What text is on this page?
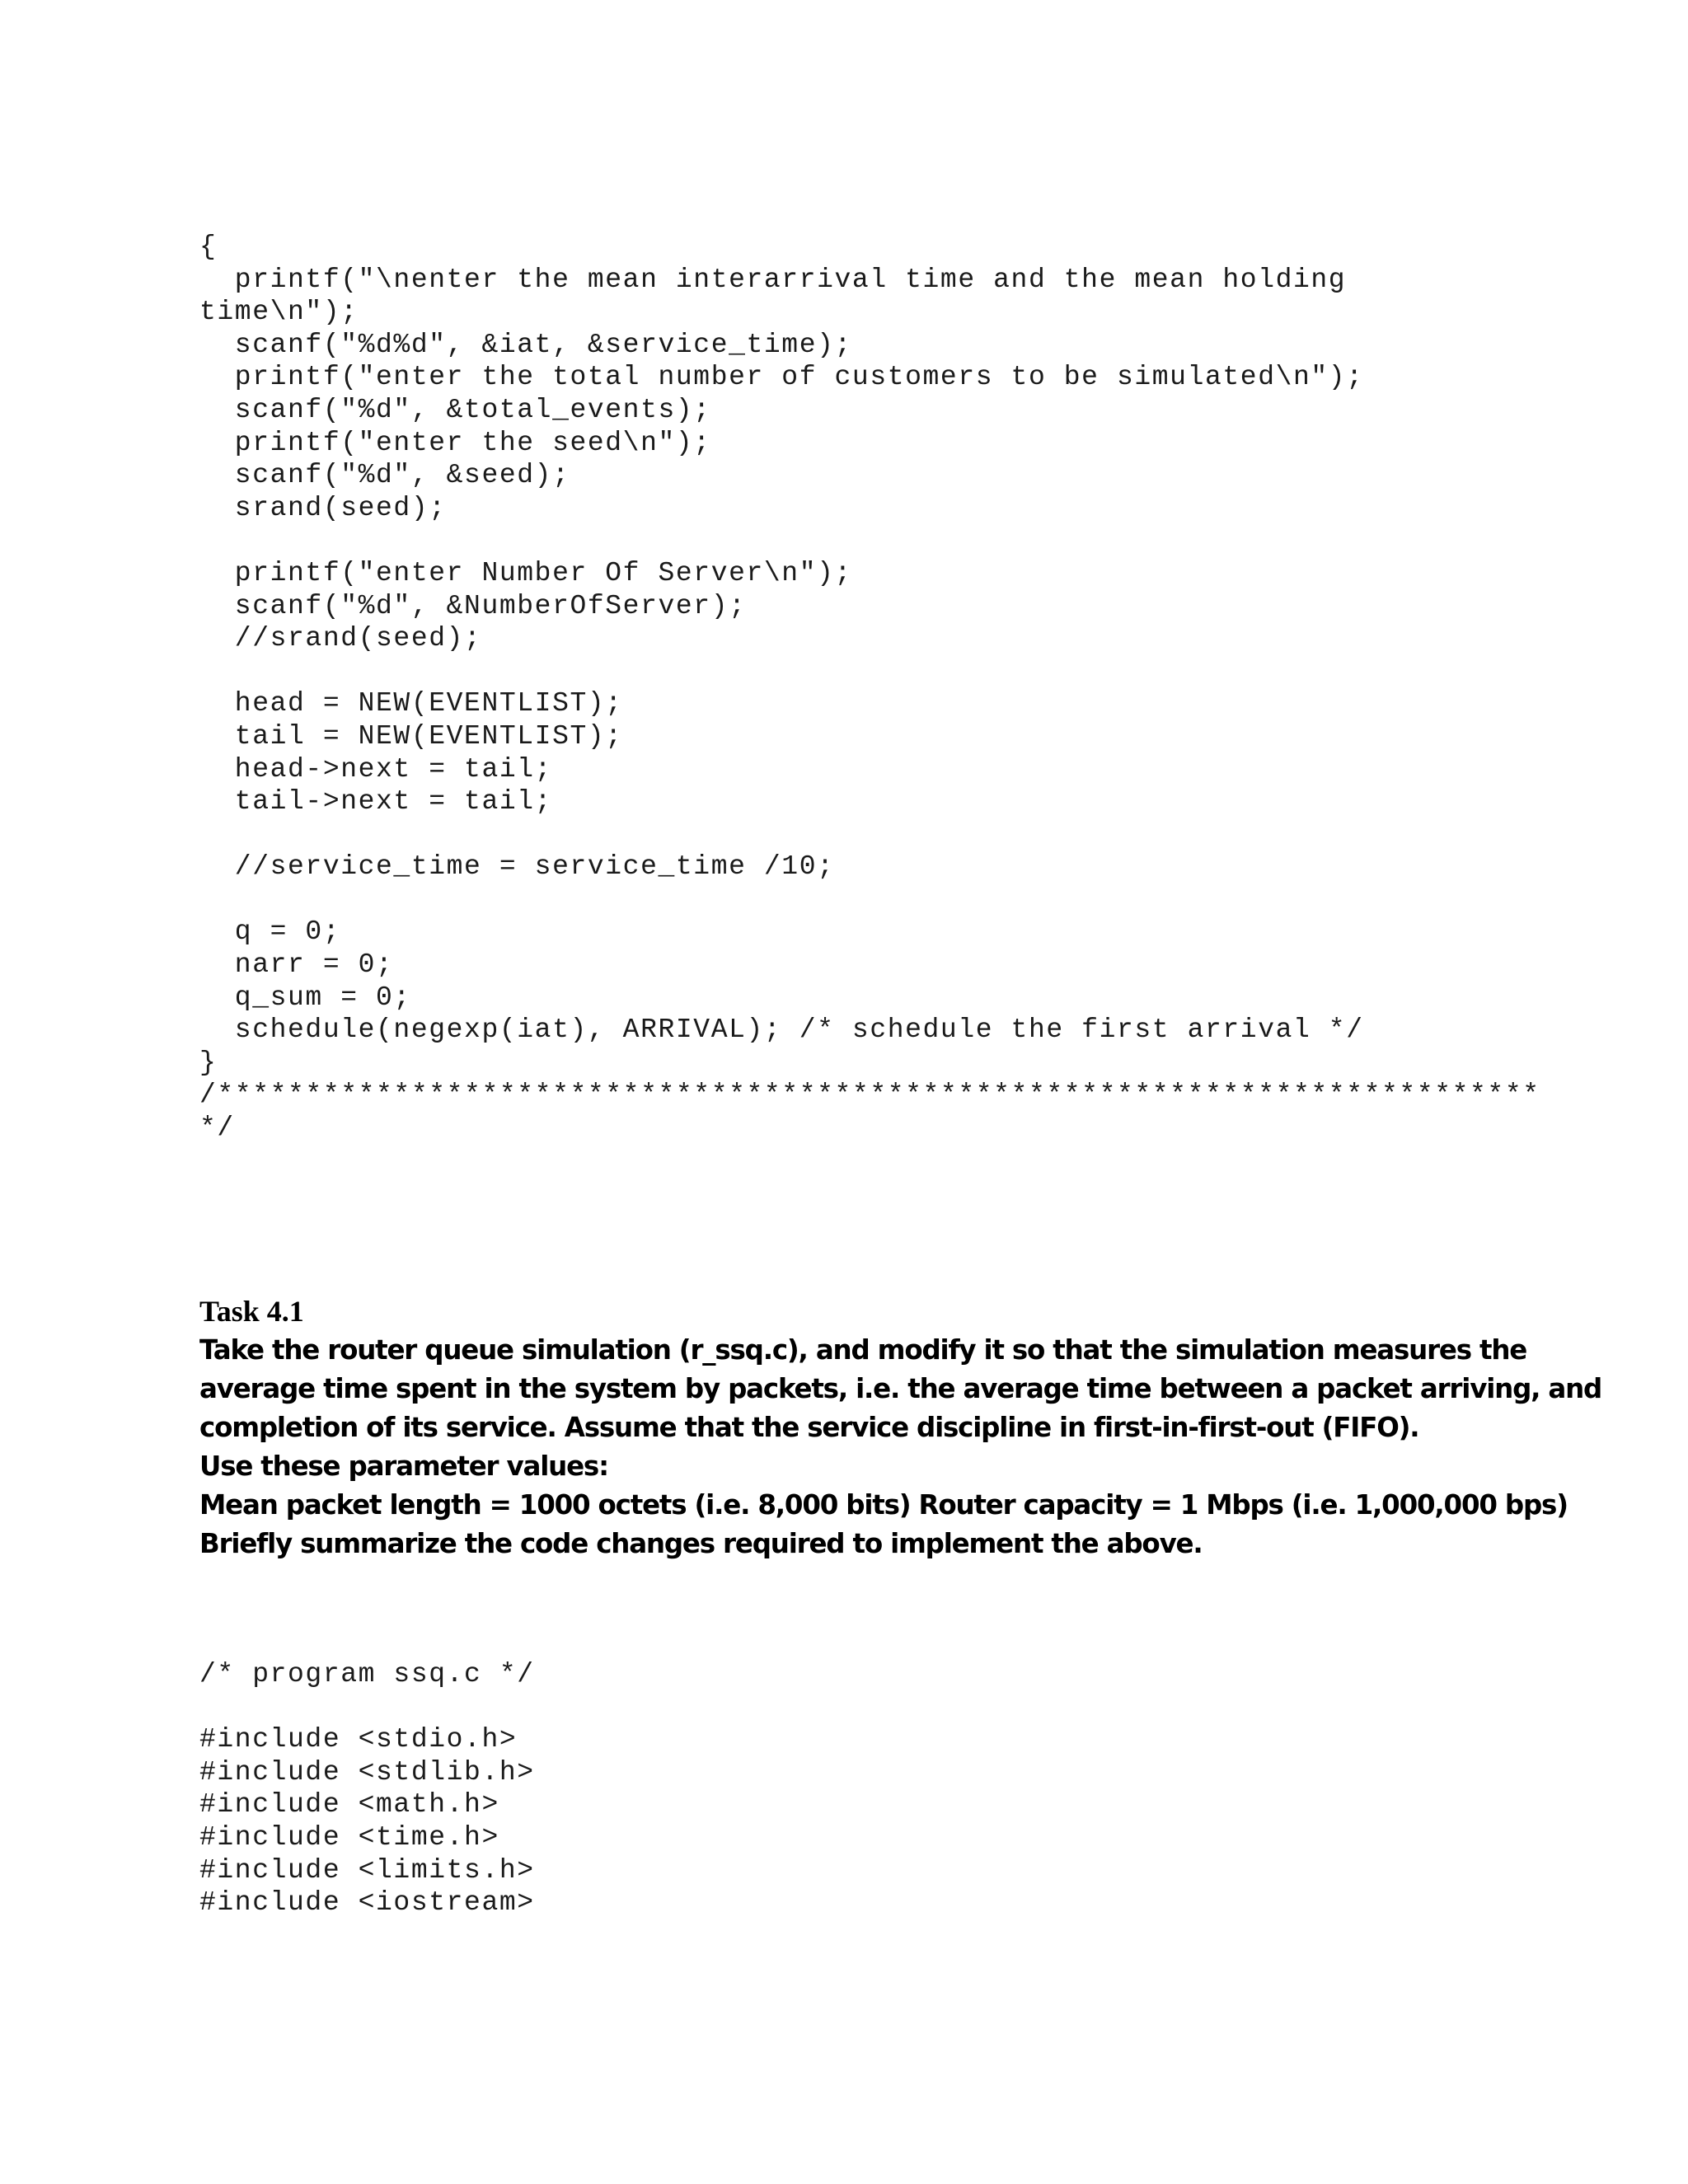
{
printf("\nenter the mean interarrival time and the mean holding
time\n");
scanf("%d%d", &iat, &service_time);
printf("enter the total number of customers to be simulated\n");
scanf("%d", &total_events);
printf("enter the seed\n");
scanf("%d", &seed);
srand(seed);
printf("enter Number Of Server\n");
scanf("%d", &NumberOfServer);
//srand(seed);
head = NEW(EVENTLIST);
tail = NEW(EVENTLIST);
head->next = tail;
tail->next = tail;
//service_time = service_time /10;
q = 0;
narr = 0;
q_sum = 0;
schedule(negexp(iat), ARRIVAL); /* schedule the first arrival */
}
/***************************************************************************
*/

Task 4.1

Take the router queue simulation (r_ssq.c), and modify it so that the simulation measures the

average time spent in the system by packets, i.e. the average time between a packet arriving, and

completion of its service. Assume that the service discipline in first-in-first-out (FIFO).

Use these parameter values:

Mean packet length = 1000 octets (i.e. 8,000 bits) Router capacity = 1 Mbps (i.e. 1,000,000 bps)

Briefly summarize the code changes required to implement the above.

/* program ssq.c */
#include <stdio.h>
#include <stdlib.h>
#include <math.h>
#include <time.h>
#include <limits.h>
#include <iostream>
